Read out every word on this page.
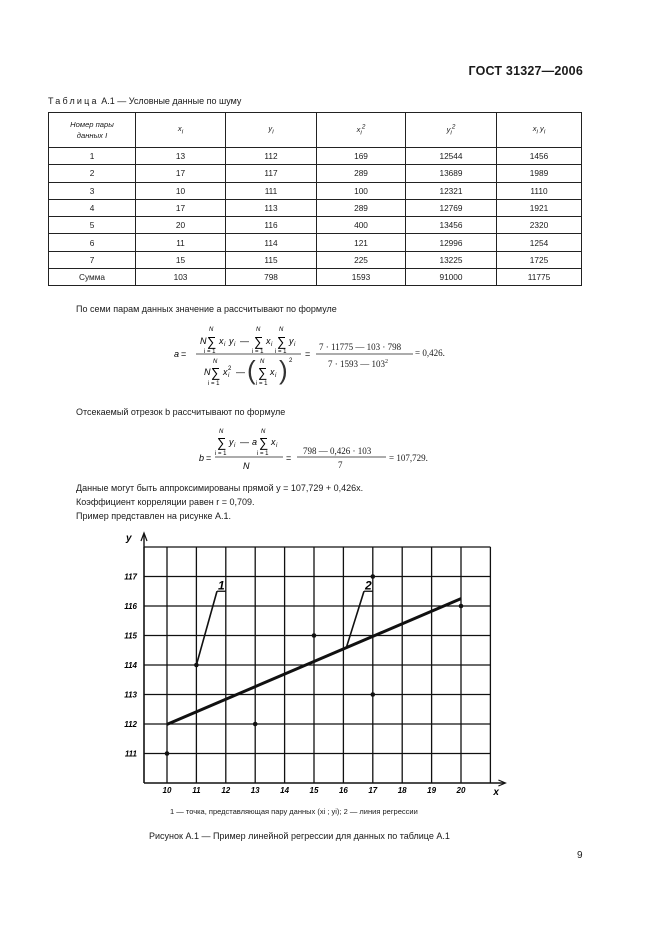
ГОСТ 31327—2006
Таблица А.1 — Условные данные по шуму
Номер пары
данных I	$x_i$	$y_i$	$x_i^2$	$y_i^2$	$x_i$ $y_i$
1	13	112	169	12544	1456
2	17	117	289	13689	1989
3	10	111	100	12321	1110
4	17	113	289	12769	1921
5	20	116	400	13456	2320
6	11	114	121	12996	1254
7	15	115	225	13225	1725
Сумма	103	798	1593	91000	11775
По семи парам данных значение a рассчитывают по формуле
a =
N ∑
N
i = 1
x i y i — ∑
N
i = 1
x i ∑
N
i = 1
y i
N ∑
N
i = 1
x i
2 — ( ∑
N
i = 1
x i ) 2
=
7 · 11775 — 103 · 798
7 · 1593 — $103^2$
= 0,426.
Отсекаемый отрезок b рассчитывают по формуле
b =
∑
N
i = 1
y i — a ∑
N
i = 1
x i
N
=
798 — 0,426 · 103
7
= 107,729.
Данные могут быть аппроксимированы прямой y = 107,729 + 0,426x.
Коэффициент корреляции равен r = 0,709.
Пример представлен на рисунке А.1.
10	11	12	13	14	15	16	17	18	19	20
111
112
113
114
115
116
117
x
y
1	2
1 — точка, представляющая пару данных (xi ; yi); 2 — линия регрессии
Рисунок А.1 — Пример линейной регрессии для данных по таблице А.1
9
